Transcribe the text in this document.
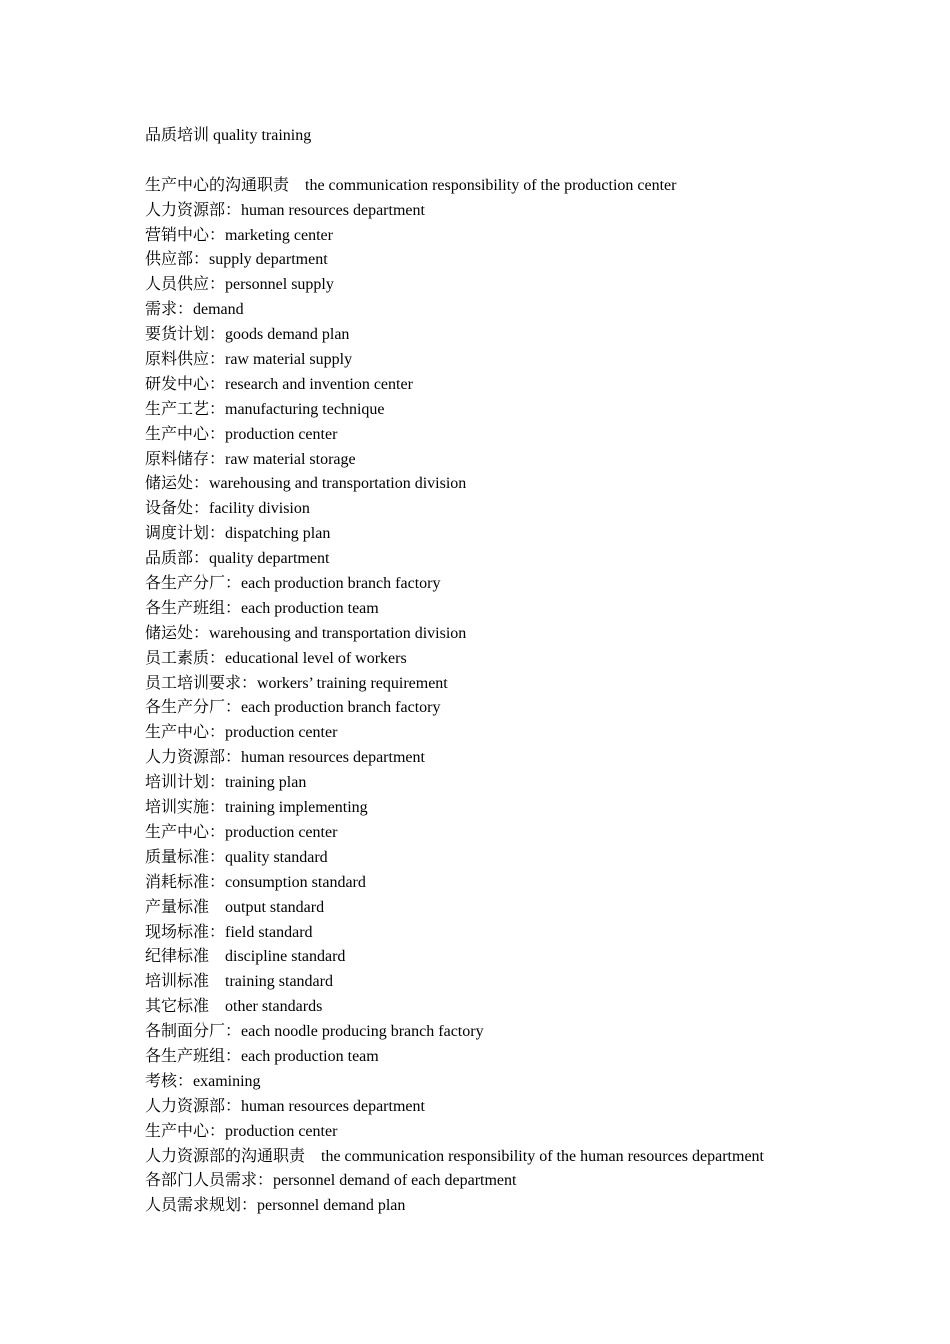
品质培训 quality training
生产中心的沟通职责    the communication responsibility of the production center
人力资源部：human resources department
营销中心：marketing center
供应部：supply department
人员供应：personnel supply
需求：demand
要货计划：goods demand plan
原料供应：raw material supply
研发中心：research and invention center
生产工艺：manufacturing technique
生产中心：production center
原料储存：raw material storage
储运处：warehousing and transportation division
设备处：facility division
调度计划：dispatching plan
品质部：quality department
各生产分厂：each production branch factory
各生产班组：each production team
储运处：warehousing and transportation division
员工素质：educational level of workers
员工培训要求：workers’ training requirement
各生产分厂：each production branch factory
生产中心：production center
人力资源部：human resources department
培训计划：training plan
培训实施：training implementing
生产中心：production center
质量标准：quality standard
消耗标准：consumption standard
产量标准    output standard
现场标准：field standard
纪律标准    discipline standard
培训标准    training standard
其它标准    other standards
各制面分厂：each noodle producing branch factory
各生产班组：each production team
考核：examining
人力资源部：human resources department
生产中心：production center
人力资源部的沟通职责    the communication responsibility of the human resources department
各部门人员需求：personnel demand of each department
人员需求规划：personnel demand plan
